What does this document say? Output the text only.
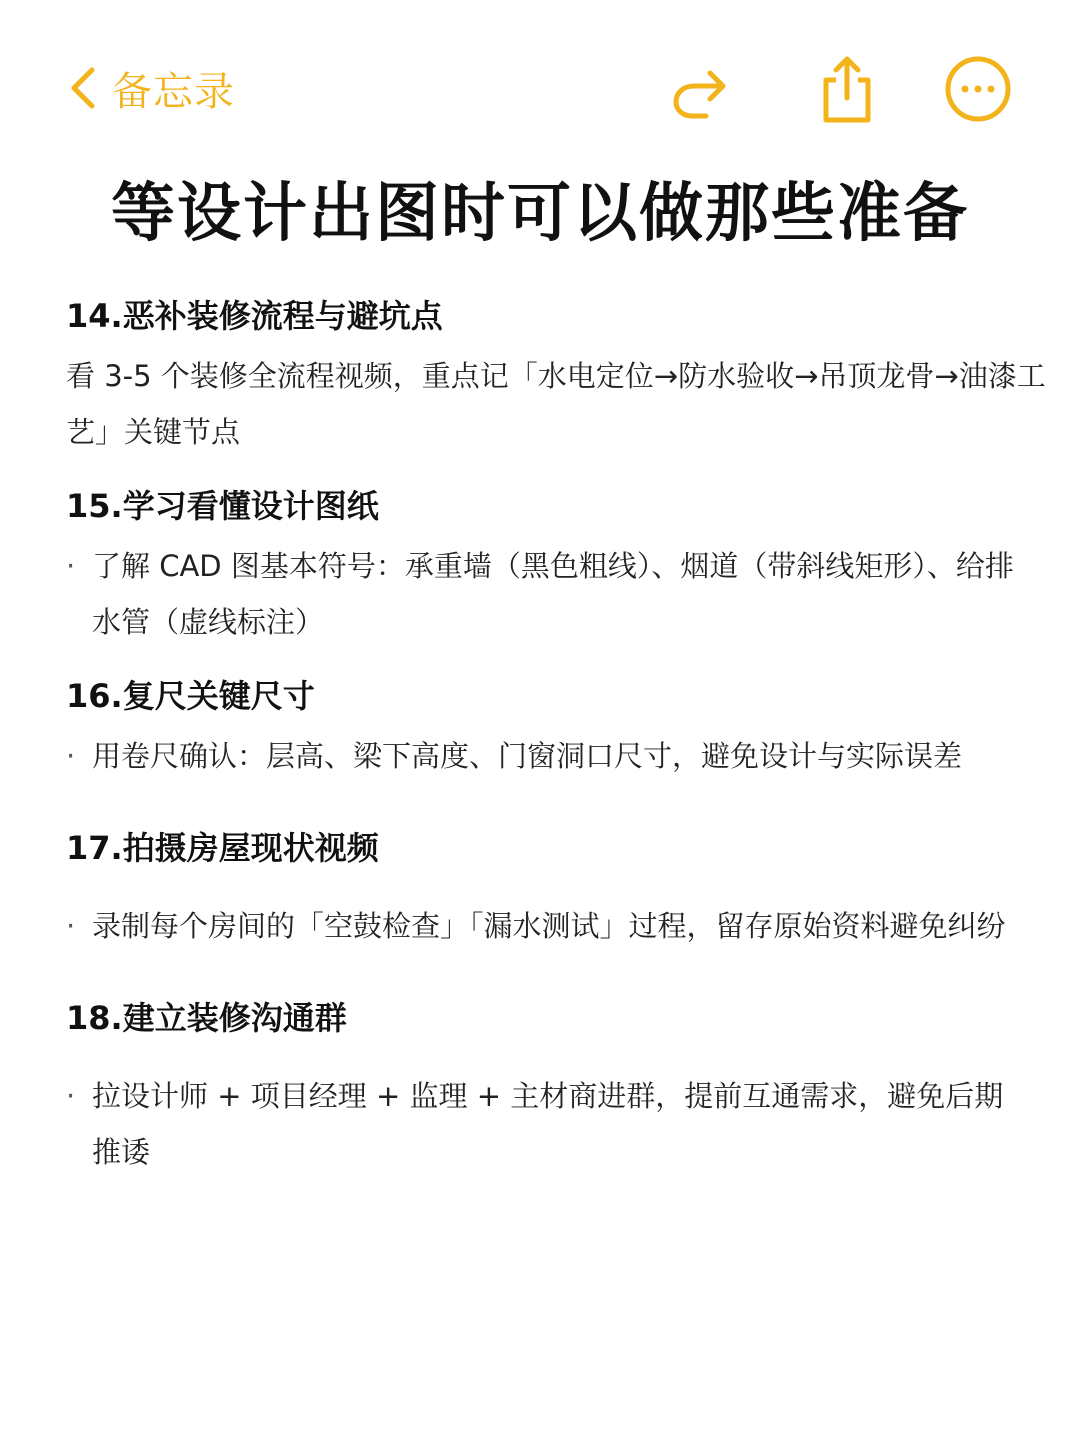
备忘录
等设计出图时可以做那些准备

14.恶补装修流程与避坑点

看 3-5 个装修全流程视频，重点记「水电定位→防水验收→吊顶龙骨→油漆工艺」关键节点

15.学习看懂设计图纸

· 了解 CAD 图基本符号：承重墙（黑色粗线）、烟道（带斜线矩形）、给排水管（虚线标注）

16.复尺关键尺寸

· 用卷尺确认：层高、梁下高度、门窗洞口尺寸，避免设计与实际误差

17.拍摄房屋现状视频

· 录制每个房间的「空鼓检查」「漏水测试」过程，留存原始资料避免纠纷

18.建立装修沟通群

· 拉设计师 + 项目经理 + 监理 + 主材商进群，提前互通需求，避免后期推诿
